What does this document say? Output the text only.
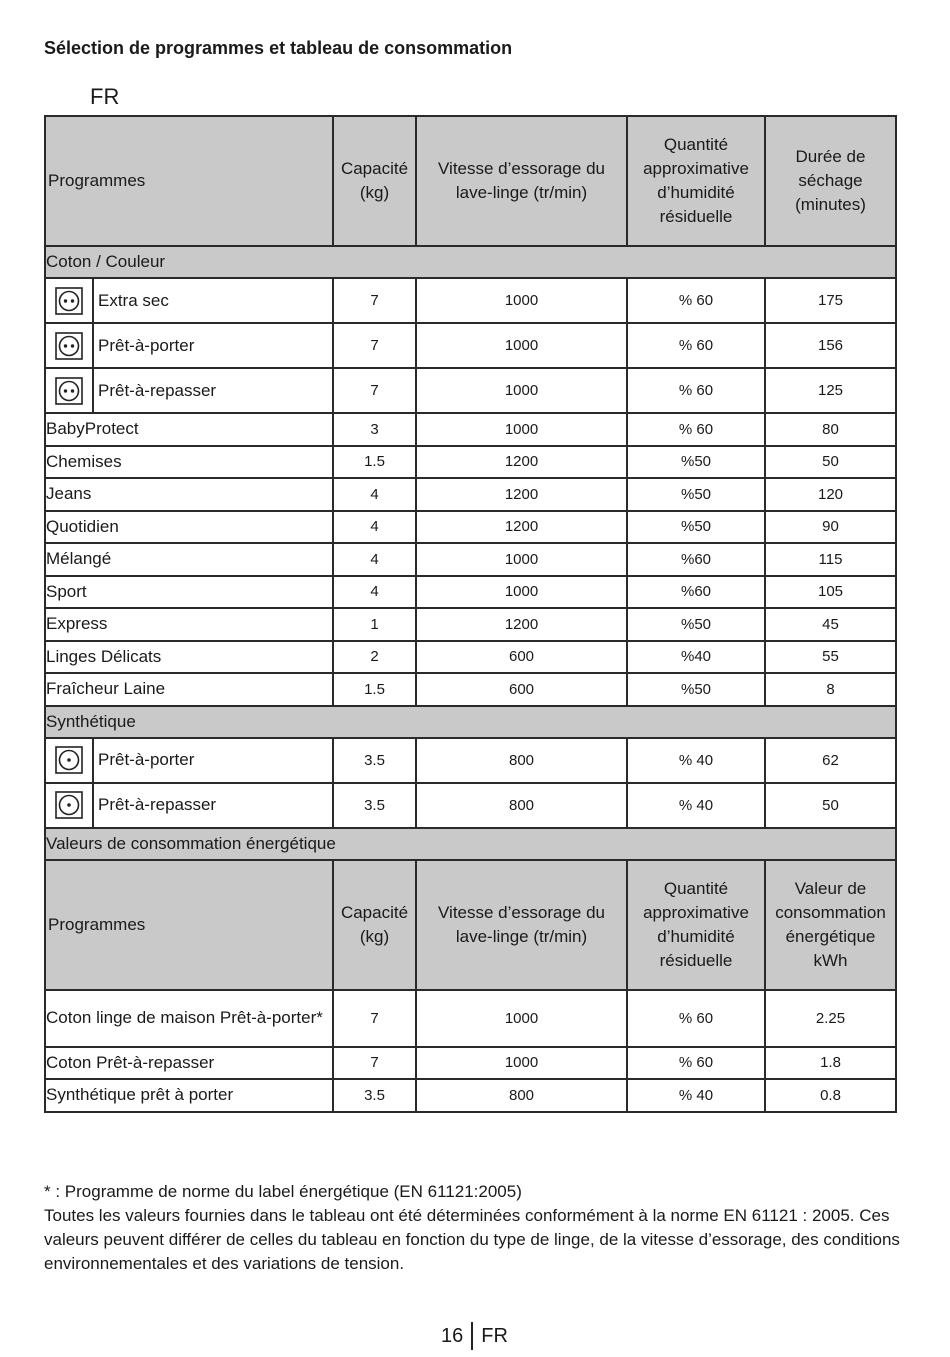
Sélection de programmes et tableau de consommation
FR
Programmes	Capacité (kg)	Vitesse d’essorage du lave-linge (tr/min)	Quantité approximative d’humidité résiduelle	Durée de séchage (minutes)
Coton / Couleur				

Extra sec	7	1000	% 60	175

Prêt-à-porter	7	1000	% 60	156

Prêt-à-repasser	7	1000	% 60	125
BabyProtect	3	1000	% 60	80
Chemises	1.5	1200	%50	50
Jeans	4	1200	%50	120
Quotidien	4	1200	%50	90
Mélangé	4	1000	%60	115
Sport	4	1000	%60	105
Express	1	1200	%50	45
Linges Délicats	2	600	%40	55
Fraîcheur Laine	1.5	600	%50	8
Synthétique				

Prêt-à-porter	3.5	800	% 40	62

Prêt-à-repasser	3.5	800	% 40	50
Valeurs de consommation énergétique				
Programmes	Capacité (kg)	Vitesse d’essorage du lave-linge (tr/min)	Quantité approximative d’humidité résiduelle	Valeur de consommation énergétique kWh
Coton linge de maison Prêt-à-porter*	7	1000	% 60	2.25
Coton Prêt-à-repasser	7	1000	% 60	1.8
Synthétique prêt à porter	3.5	800	% 40	0.8

* : Programme de norme du label énergétique (EN 61121:2005)

Toutes les valeurs fournies dans le tableau ont été déterminées conformément à la norme EN 61121 : 2005. Ces valeurs peuvent différer de celles du tableau en fonction du type de linge, de la vitesse d’essorage, des conditions environnementales et des variations de tension.

16 FR
